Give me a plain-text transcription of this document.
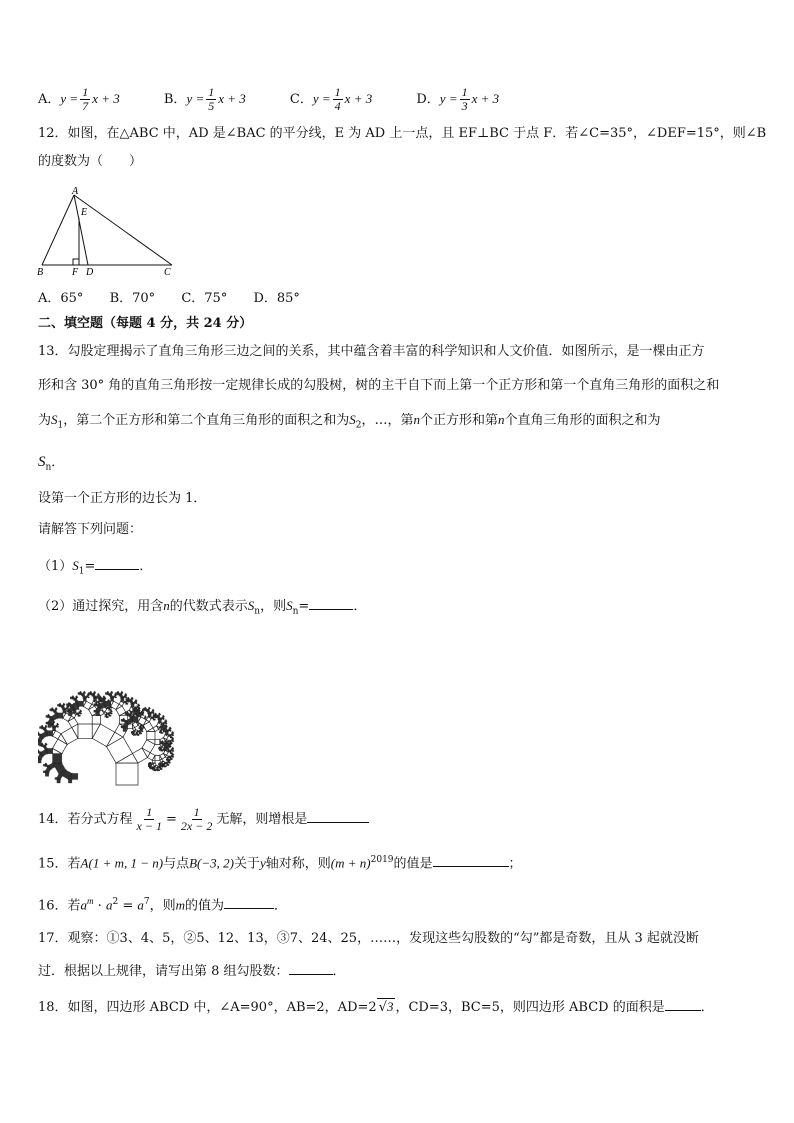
A．$y = \frac{1}{7}$ x + 3	B．$y = \frac{1}{5}$ x + 3	C．$y = \frac{1}{4}$ x + 3	D．$y = \frac{1}{3}$ x + 3
12．如图，在△ABC 中，AD 是∠BAC 的平分线，E 为 AD 上一点，且 EF⊥BC 于点 F．若∠C=35°，∠DEF=15°，则∠B
的度数为（　　）
A
E
B	F D	C
A．65° B．70° C．75° D．85°
二、填空题（每题 4 分，共 24 分）
13．勾股定理揭示了直角三角形三边之间的关系，其中蕴含着丰富的科学知识和人文价值．如图所示，是一棵由正方
形和含 30° 角的直角三角形按一定规律长成的勾股树，树的主干自下而上第一个正方形和第一个直角三角形的面积之和
为$S_1$，第二个正方形和第二个直角三角形的面积之和为$S_2$，…，第n个正方形和第n个直角三角形的面积之和为
$S_n$．
设第一个正方形的边长为 1．
请解答下列问题：
$(1)S_1=$	．
（2）通过探究，用含n的代数式表示$S_n$，则$S_n=$	．
14．若分式方程 $\frac{1}{x - 1} = \frac{1}{2x - 2}$ 无解，则增根是
15．若A(1 + m, 1 − n)与点B(−3, 2)关于y轴对称，则$(m + n)^{2019}$的值是	；
16．若$a^m \cdot a^2 = a^7$，则m的值为	．
17．观察：①3、4、5，②5、12、13，③7、24、25，……，发现这些勾股数的“勾”都是奇数，且从 3 起就没断
过．根据以上规律，请写出第 8 组勾股数：	．
18．如图，四边形 ABCD 中，∠A=90°，AB=2，AD=2 √3 ，CD=3，BC=5，则四边形 ABCD 的面积是	．
